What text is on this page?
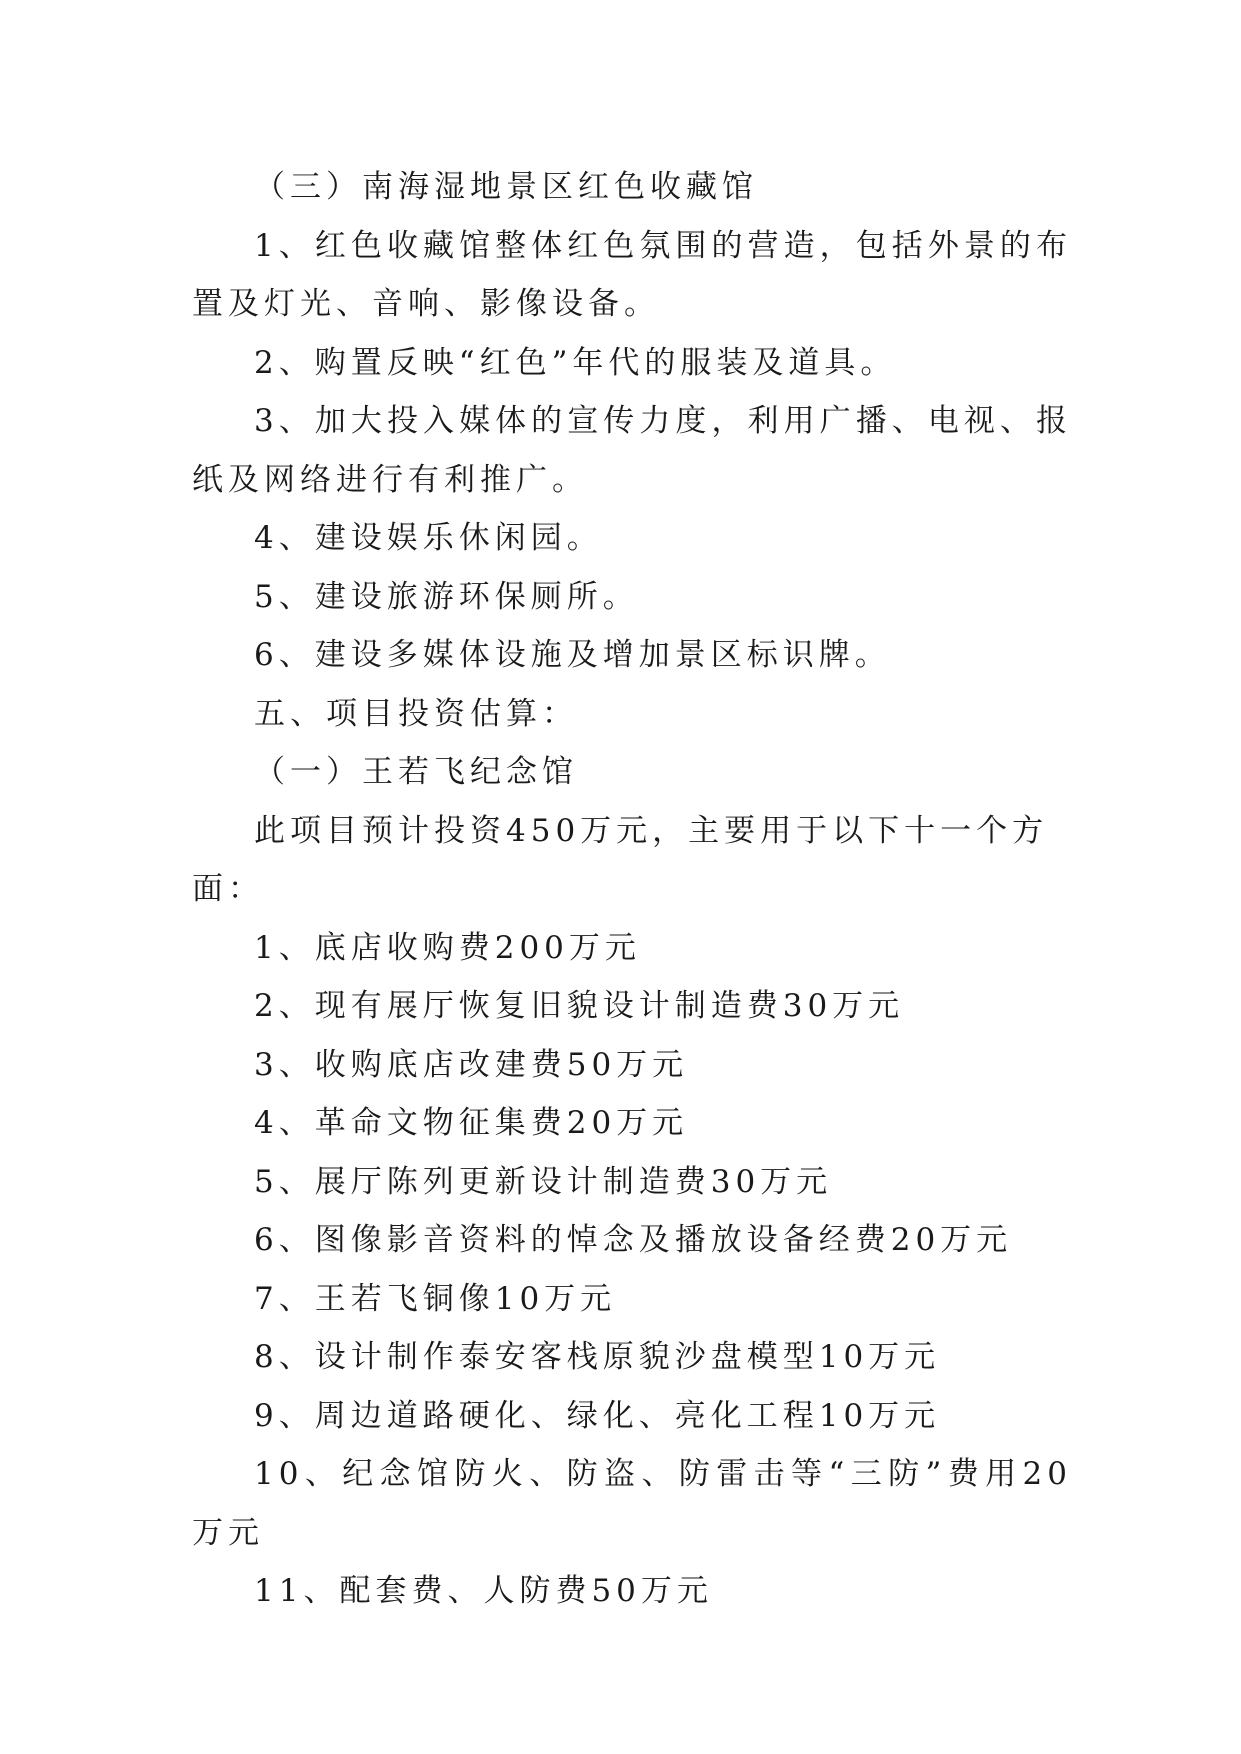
（三）南海湿地景区红色收藏馆

1、红色收藏馆整体红色氛围的营造，包括外景的布置及灯光、音响、影像设备。

2、购置反映“红色”年代的服装及道具。

3、加大投入媒体的宣传力度，利用广播、电视、报纸及网络进行有利推广。

4、建设娱乐休闲园。

5、建设旅游环保厕所。

6、建设多媒体设施及增加景区标识牌。

五、项目投资估算：

（一）王若飞纪念馆

此项目预计投资450万元，主要用于以下十一个方面：

1、底店收购费200万元

2、现有展厅恢复旧貌设计制造费30万元

3、收购底店改建费50万元

4、革命文物征集费20万元

5、展厅陈列更新设计制造费30万元

6、图像影音资料的悼念及播放设备经费20万元

7、王若飞铜像10万元

8、设计制作泰安客栈原貌沙盘模型10万元

9、周边道路硬化、绿化、亮化工程10万元

10、纪念馆防火、防盗、防雷击等“三防”费用20万元

11、配套费、人防费50万元
